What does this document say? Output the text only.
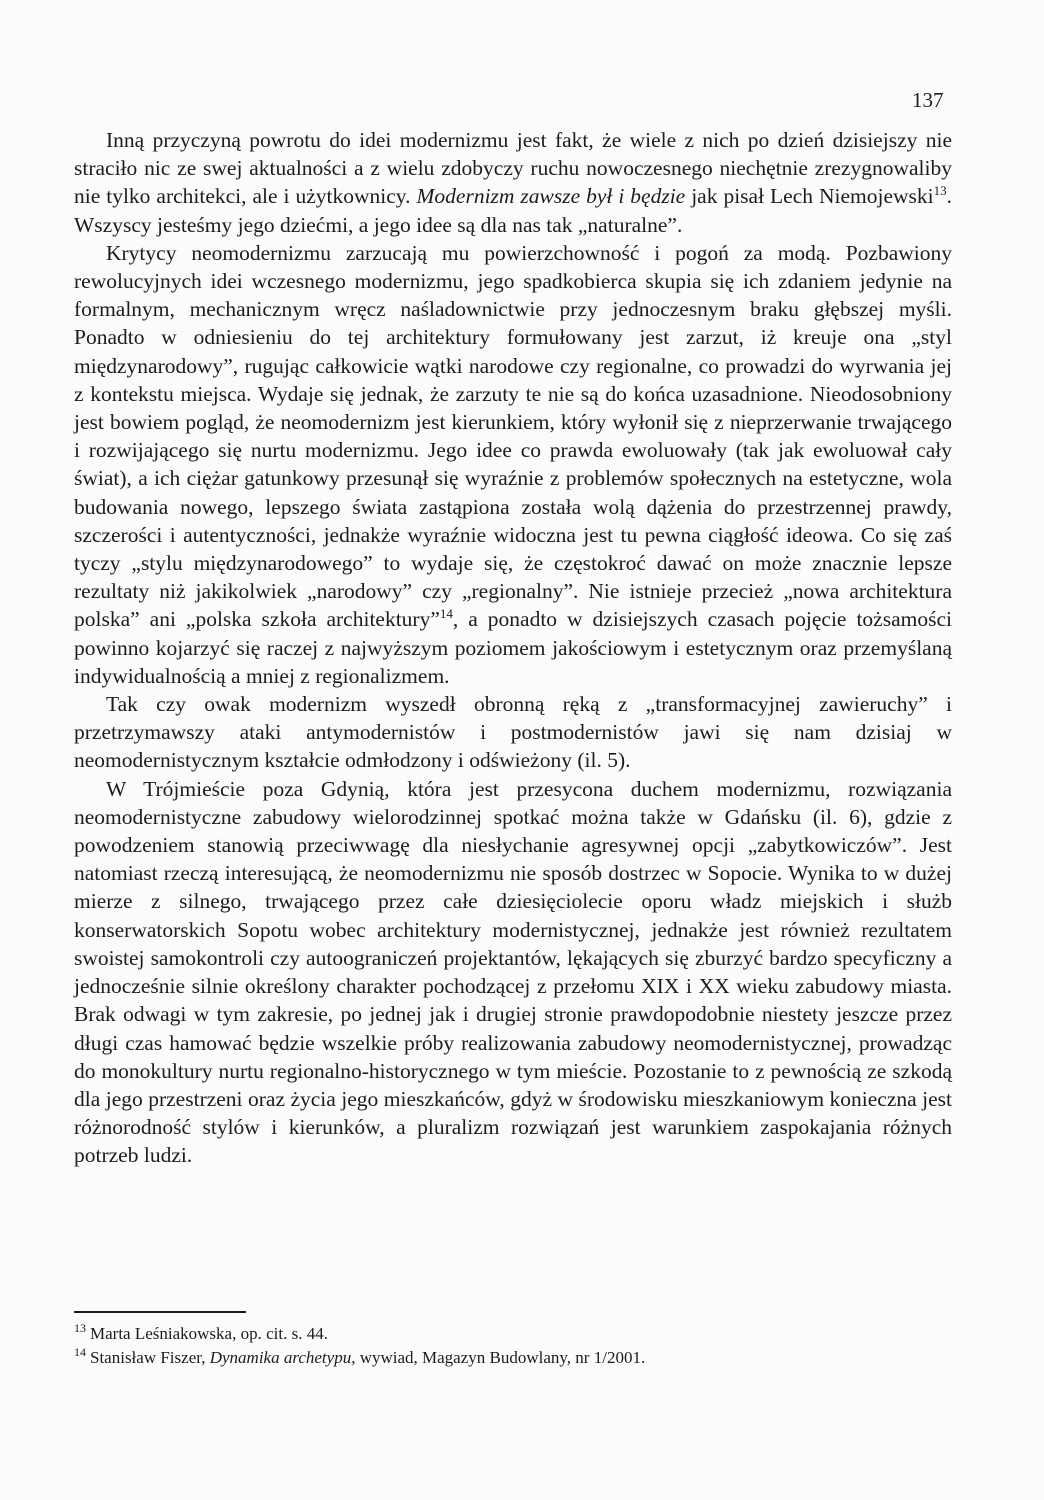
137

Inną przyczyną powrotu do idei modernizmu jest fakt, że wiele z nich po dzień dzisiejszy nie straciło nic ze swej aktualności a z wielu zdobyczy ruchu nowoczesnego niechętnie zrezygnowaliby nie tylko architekci, ale i użytkownicy. Modernizm zawsze był i będzie jak pisał Lech Niemojewski$^{13}$. Wszyscy jesteśmy jego dziećmi, a jego idee są dla nas tak „naturalne”.

Krytycy neomodernizmu zarzucają mu powierzchowność i pogoń za modą. Pozbawiony rewolucyjnych idei wczesnego modernizmu, jego spadkobierca skupia się ich zdaniem jedynie na formalnym, mechanicznym wręcz naśladownictwie przy jednoczesnym braku głębszej myśli. Ponadto w odniesieniu do tej architektury formułowany jest zarzut, iż kreuje ona „styl międzynarodowy”, rugując całkowicie wątki narodowe czy regionalne, co prowadzi do wyrwania jej z kontekstu miejsca. Wydaje się jednak, że zarzuty te nie są do końca uzasadnione. Nieodosobniony jest bowiem pogląd, że neomodernizm jest kierunkiem, który wyłonił się z nieprzerwanie trwającego i rozwijającego się nurtu modernizmu. Jego idee co prawda ewoluowały (tak jak ewoluował cały świat), a ich ciężar gatunkowy przesunął się wyraźnie z problemów społecznych na estetyczne, wola budowania nowego, lepszego świata zastąpiona została wolą dążenia do przestrzennej prawdy, szczerości i autentyczności, jednakże wyraźnie widoczna jest tu pewna ciągłość ideowa. Co się zaś tyczy „stylu międzynarodowego” to wydaje się, że częstokroć dawać on może znacznie lepsze rezultaty niż jakikolwiek „narodowy” czy „regionalny”. Nie istnieje przecież „nowa architektura polska” ani „polska szkoła architektury”$^{14}$, a ponadto w dzisiejszych czasach pojęcie tożsamości powinno kojarzyć się raczej z najwyższym poziomem jakościowym i estetycznym oraz przemyślaną indywidualnością a mniej z regionalizmem.

Tak czy owak modernizm wyszedł obronną ręką z „transformacyjnej zawieruchy” i przetrzymawszy ataki antymodernistów i postmodernistów jawi się nam dzisiaj w neomodernistycznym kształcie odmłodzony i odświeżony (il. 5).

W Trójmieście poza Gdynią, która jest przesycona duchem modernizmu, rozwiązania neomodernistyczne zabudowy wielorodzinnej spotkać można także w Gdańsku (il. 6), gdzie z powodzeniem stanowią przeciwwagę dla niesłychanie agresywnej opcji „zabytkowiczów”. Jest natomiast rzeczą interesującą, że neomodernizmu nie sposób dostrzec w Sopocie. Wynika to w dużej mierze z silnego, trwającego przez całe dziesięciolecie oporu władz miejskich i służb konserwatorskich Sopotu wobec architektury modernistycznej, jednakże jest również rezultatem swoistej samokontroli czy autoograniczeń projektantów, lękających się zburzyć bardzo specyficzny a jednocześnie silnie określony charakter pochodzącej z przełomu XIX i XX wieku zabudowy miasta. Brak odwagi w tym zakresie, po jednej jak i drugiej stronie prawdopodobnie niestety jeszcze przez długi czas hamować będzie wszelkie próby realizowania zabudowy neomodernistycznej, prowadząc do monokultury nurtu regionalno-historycznego w tym mieście. Pozostanie to z pewnością ze szkodą dla jego przestrzeni oraz życia jego mieszkańców, gdyż w środowisku mieszkaniowym konieczna jest różnorodność stylów i kierunków, a pluralizm rozwiązań jest warunkiem zaspokajania różnych potrzeb ludzi.

$^{13}$ Marta Leśniakowska, op. cit. s. 44.

$^{14}$ Stanisław Fiszer, Dynamika archetypu, wywiad, Magazyn Budowlany, nr 1/2001.
